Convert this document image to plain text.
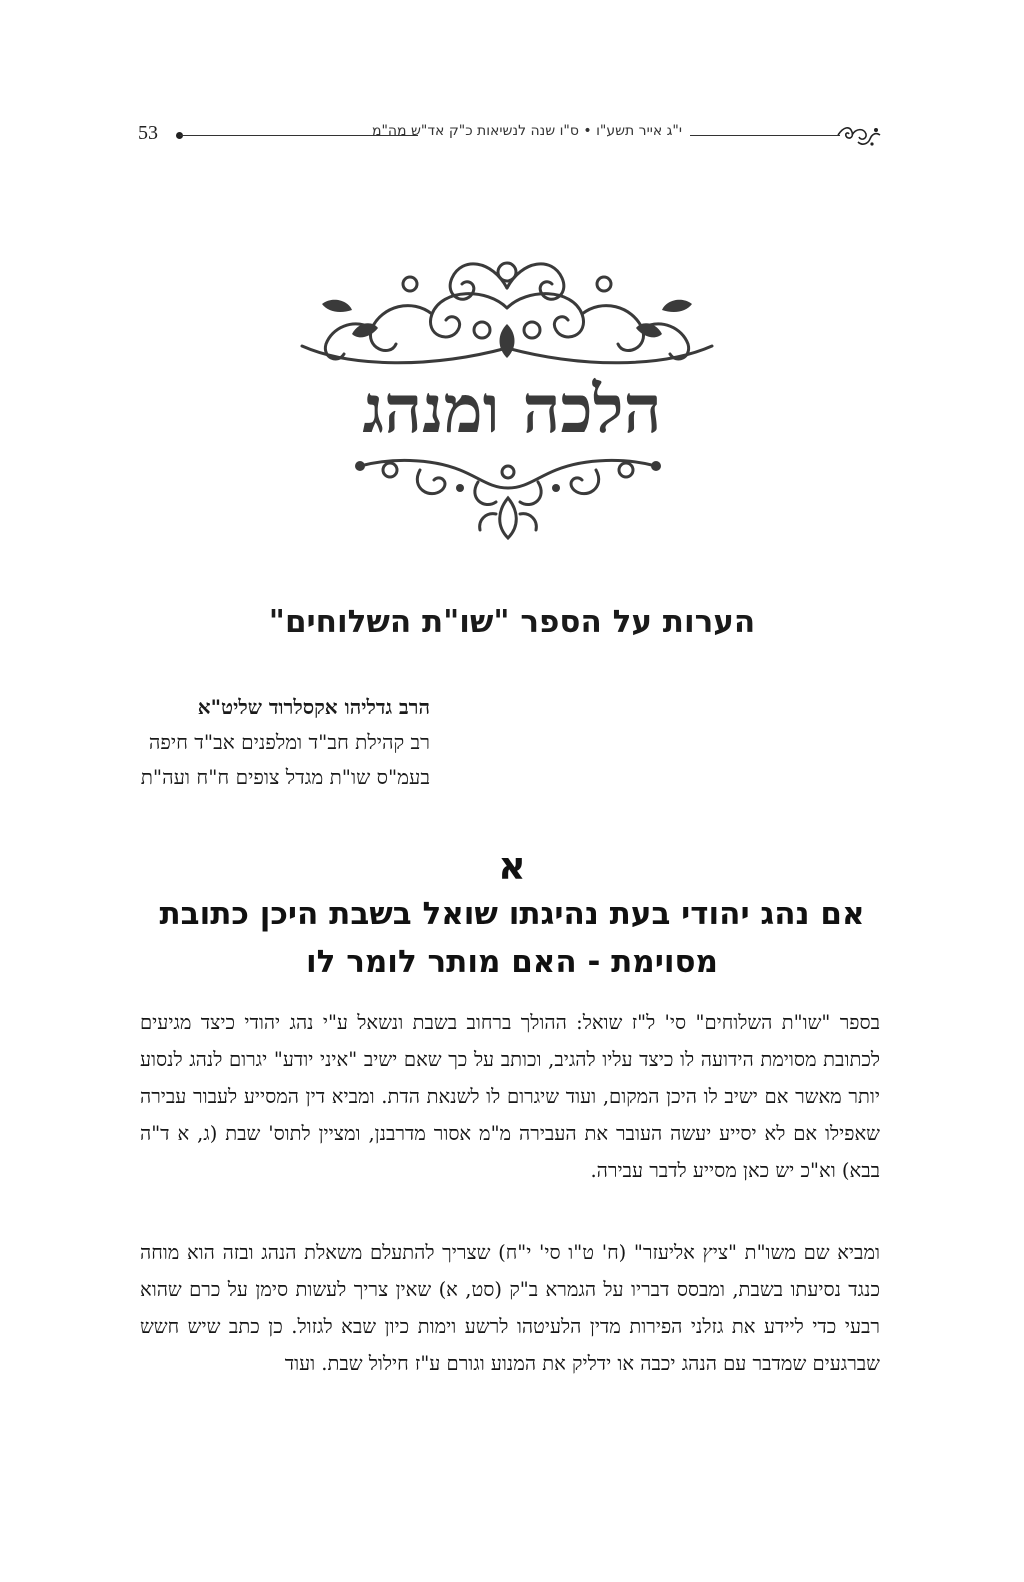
53	י"ג אייר תשע"ו • ס"ו שנה לנשיאות כ"ק אד"ש מה"מ
הלכה ומנהג
הערות על הספר "שו"ת השלוחים"
הרב גדליהו אקסלרוד שליט"א
רב קהילת חב"ד ומלפנים אב"ד חיפה
בעמ"ס שו"ת מגדל צופים ח"ח ועה"ת
א
אם נהג יהודי בעת נהיגתו שואל בשבת היכן כתובת מסוימת - האם מותר לומר לו

בספר "שו"ת השלוחים" סי' ל"ז שואל: ההולך ברחוב בשבת ונשאל ע"י נהג יהודי כיצד מגיעים לכתובת מסוימת הידועה לו כיצד עליו להגיב, וכותב על כך שאם ישיב "איני יודע" יגרום לנהג לנסוע יותר מאשר אם ישיב לו היכן המקום, ועוד שיגרום לו לשנאת הדת. ומביא דין המסייע לעבור עבירה שאפילו אם לא יסייע יעשה העובר את העבירה מ"מ אסור מדרבנן, ומציין לתוס' שבת (ג, א ד"ה בבא) וא"כ יש כאן מסייע לדבר עבירה.

ומביא שם משו"ת "ציץ אליעזר" (ח' ט"ו סי' י"ח) שצריך להתעלם משאלת הנהג ובזה הוא מוחה כנגד נסיעתו בשבת, ומבסס דבריו על הגמרא ב"ק (סט, א) שאין צריך לעשות סימן על כרם שהוא רבעי כדי ליידע את גזלני הפירות מדין הלעיטהו לרשע וימות כיון שבא לגזול. כן כתב שיש חשש שברגעים שמדבר עם הנהג יכבה או ידליק את המנוע וגורם ע"ז חילול שבת. ועוד
